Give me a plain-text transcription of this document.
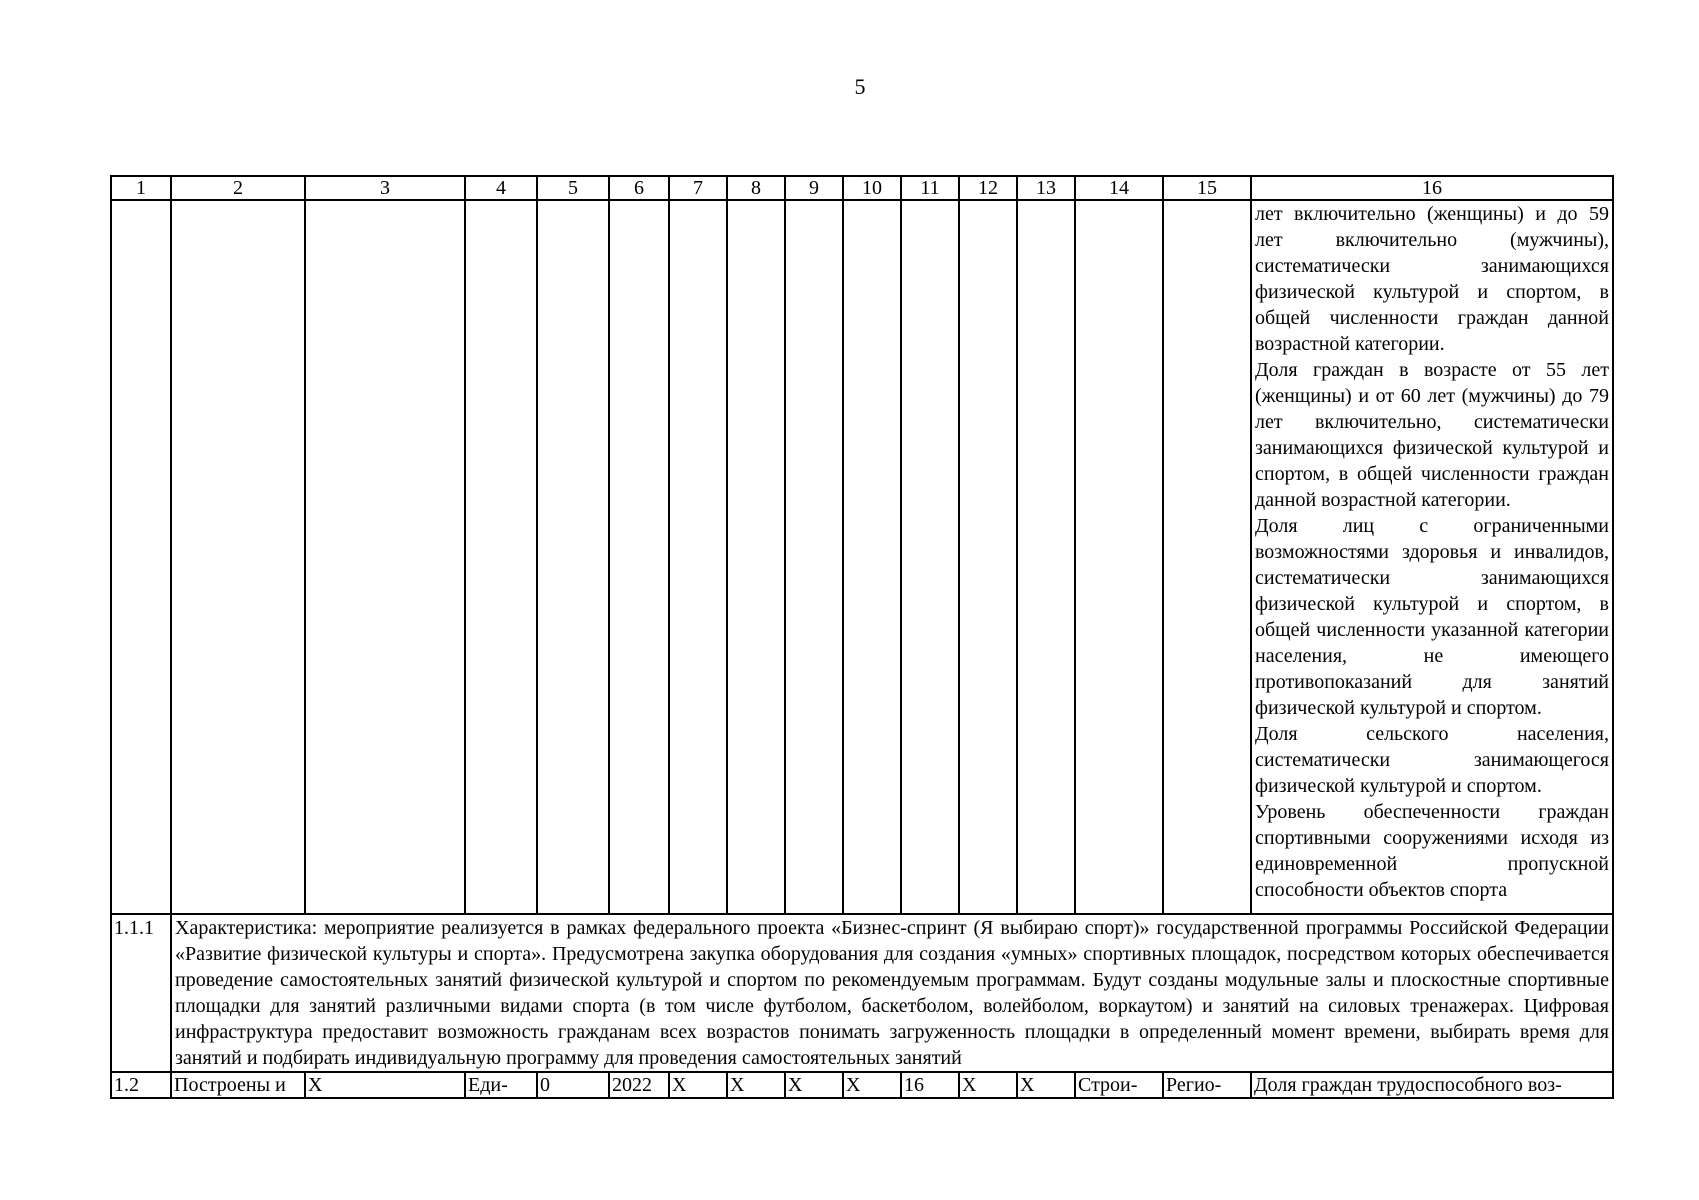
5
1	2	3	4	5	6	7	8	9	10	11	12	13	14	15	16

															лет включительно (женщины) и до 59 лет включительно (мужчины), систематически занимающихся физической культурой и спортом, в общей численности граждан данной возрастной категории.

Доля граждан в возрасте от 55 лет (женщины) и от 60 лет (мужчины) до 79 лет включительно, систематически занимающихся физической культурой и спортом, в общей численности граждан данной возрастной категории.

Доля лиц с ограниченными возможностями здоровья и инвалидов, систематически занимающихся физической культурой и спортом, в общей численности указанной категории населения, не имеющего противопоказаний для занятий физической культурой и спортом.

Доля сельского населения, систематически занимающегося физической культурой и спортом.

Уровень обеспеченности граждан спортивными сооружениями исходя из единовременной пропускной способности объектов спорта

1.1.1	Характеристика: мероприятие реализуется в рамках федерального проекта «Бизнес-спринт (Я выбираю спорт)» государственной программы Российской Федерации «Развитие физической культуры и спорта». Предусмотрена закупка оборудования для создания «умных» спортивных площадок, посредством которых обеспечивается проведение самостоятельных занятий физической культурой и спортом по рекомендуемым программам. Будут созданы модульные залы и плоскостные спортивные площадки для занятий различными видами спорта (в том числе футболом, баскетболом, волейболом, воркаутом) и занятий на силовых тренажерах. Цифровая инфраструктура предоставит возможность гражданам всех возрастов понимать загруженность площадки в определенный момент времени, выбирать время для занятий и подбирать индивидуальную программу для проведения самостоятельных занятий														
1.2	Построены и	Х	Еди-	0	2022	Х	Х	Х	Х	16	Х	Х	Строи-	Регио-	Доля граждан трудоспособного воз-
